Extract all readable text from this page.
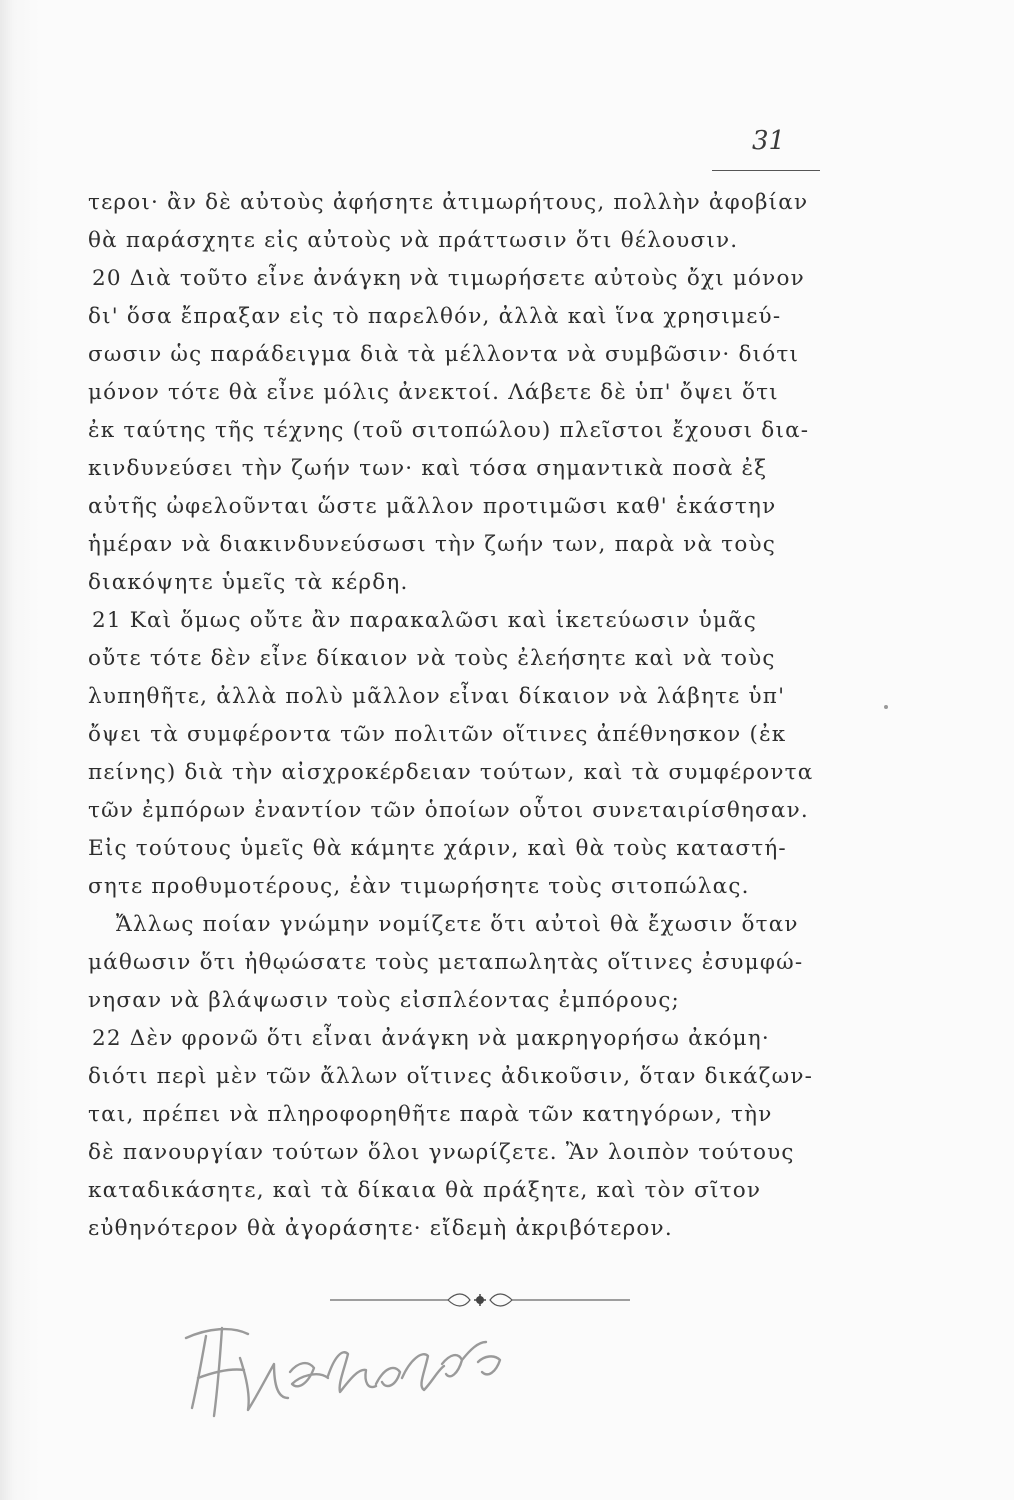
31
τεροι· ἂν δὲ αὐτοὺς ἀφήσητε ἀτιμωρήτους, πολλὴν ἀφοβίαν
θὰ παράσχητε εἰς αὐτοὺς νὰ πράττωσιν ὅτι θέλουσιν.
20 Διὰ τοῦτο εἶνε ἀνάγκη νὰ τιμωρήσετε αὐτοὺς ὄχι μόνον
δι' ὅσα ἔπραξαν εἰς τὸ παρελθόν, ἀλλὰ καὶ ἵνα χρησιμεύ-
σωσιν ὡς παράδειγμα διὰ τὰ μέλλοντα νὰ συμβῶσιν· διότι
μόνον τότε θὰ εἶνε μόλις ἀνεκτοί. Λάβετε δὲ ὑπ' ὄψει ὅτι
ἐκ ταύτης τῆς τέχνης (τοῦ σιτοπώλου) πλεῖστοι ἔχουσι δια-
κινδυνεύσει τὴν ζωήν των· καὶ τόσα σημαντικὰ ποσὰ ἐξ
αὐτῆς ὠφελοῦνται ὥστε μᾶλλον προτιμῶσι καθ' ἑκάστην
ἡμέραν νὰ διακινδυνεύσωσι τὴν ζωήν των, παρὰ νὰ τοὺς
διακόψητε ὑμεῖς τὰ κέρδη.
21 Καὶ ὅμως οὔτε ἂν παρακαλῶσι καὶ ἱκετεύωσιν ὑμᾶς
οὔτε τότε δὲν εἶνε δίκαιον νὰ τοὺς ἐλεήσητε καὶ νὰ τοὺς
λυπηθῆτε, ἀλλὰ πολὺ μᾶλλον εἶναι δίκαιον νὰ λάβητε ὑπ'
ὄψει τὰ συμφέροντα τῶν πολιτῶν οἵτινες ἀπέθνησκον (ἐκ
πείνης) διὰ τὴν αἰσχροκέρδειαν τούτων, καὶ τὰ συμφέροντα
τῶν ἐμπόρων ἐναντίον τῶν ὁποίων οὗτοι συνεταιρίσθησαν.
Εἰς τούτους ὑμεῖς θὰ κάμητε χάριν, καὶ θὰ τοὺς καταστή-
σητε προθυμοτέρους, ἐὰν τιμωρήσητε τοὺς σιτοπώλας.
Ἄλλως ποίαν γνώμην νομίζετε ὅτι αὐτοὶ θὰ ἔχωσιν ὅταν
μάθωσιν ὅτι ἠθῳώσατε τοὺς μεταπωλητὰς οἵτινες ἐσυμφώ-
νησαν νὰ βλάψωσιν τοὺς εἰσπλέοντας ἐμπόρους;
22 Δὲν φρονῶ ὅτι εἶναι ἀνάγκη νὰ μακρηγορήσω ἀκόμη·
διότι περὶ μὲν τῶν ἄλλων οἵτινες ἀδικοῦσιν, ὅταν δικάζων-
ται, πρέπει νὰ πληροφορηθῆτε παρὰ τῶν κατηγόρων, τὴν
δὲ πανουργίαν τούτων ὅλοι γνωρίζετε. Ἂν λοιπὸν τούτους
καταδικάσητε, καὶ τὰ δίκαια θὰ πράξητε, καὶ τὸν σῖτον
εὐθηνότερον θὰ ἀγοράσητε· εἴδεμὴ ἀκριβότερον.
